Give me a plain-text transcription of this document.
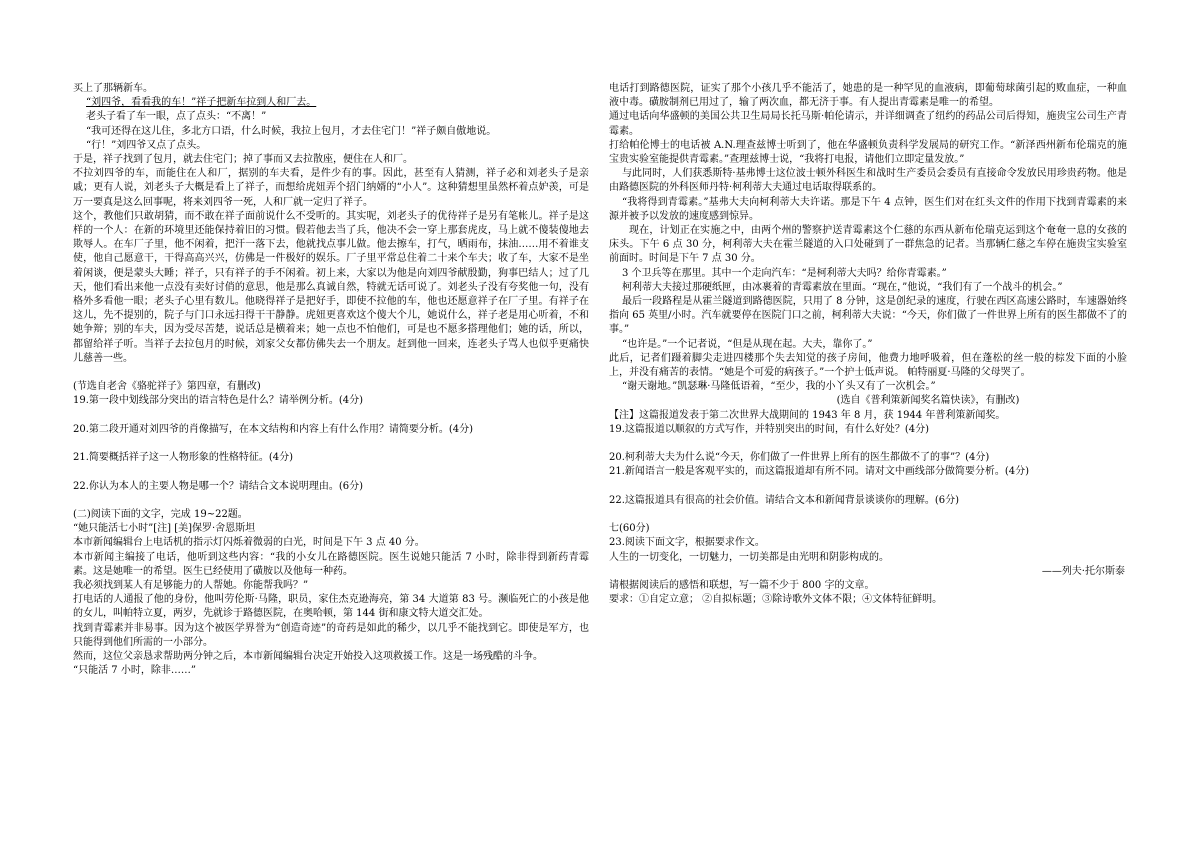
买上了那辆新车。

“刘四爷，看看我的车！”祥子把新车拉到人和厂去。

老头子看了车一眼，点了点头：“不离！”

“我可还得在这儿住，多北方口语，什么时候，我拉上包月，才去住宅门！”祥子颇自傲地说。

“行！”刘四爷又点了点头。

于是，祥子找到了包月，就去住宅门；掉了事而又去拉散座，便住在人和厂。

不拉刘四爷的车，而能住在人和厂，据别的车夫看，是件少有的事。因此，甚至有人猜测，祥子必和刘老头子是亲戚；更有人说，刘老头子大概是看上了祥子，而想给虎妞弄个招门纳婿的“小人”。这种猜想里虽然杯着点妒羡，可是万一要真是这么回事呢，将来刘四爷一死，人和厂就一定归了祥子。

这个，教他们只敢胡猜，而不敢在祥子面前说什么不受听的。其实呢，刘老头子的优待祥子是另有笔帐儿。祥子是这样的一个人：在新的环境里还能保持着旧的习惯。假若他去当了兵，他决不会一穿上那套虎皮，马上就不傻装傻地去欺辱人。在车厂子里，他不闲着，把汗一落下去，他就找点事儿做。他去擦车，打气，晒雨布，抹油……用不着谁支使，他自己愿意干，干得高高兴兴，仿佛是一件极好的娱乐。厂子里平常总住着二十来个车夫；收了车，大家不是坐着闲谈，便是蒙头大睡；祥子，只有祥子的手不闲着。初上来，大家以为他是向刘四爷献殷勤，狗事巴结人；过了几天，他们看出来他一点没有卖好讨俏的意思，他是那么真诚自然，特就无话可说了。刘老头子没有夸奖他一句，没有格外多看他一眼；老头子心里有数儿。他晓得祥子是把好手，即使不拉他的车，他也还愿意祥子在厂子里。有祥子在这儿，先不提别的，院子与门口永远扫得干干静静。虎妞更喜欢这个傻大个儿，她说什么，祥子老是用心听着，不和她争辩；别的车夫，因为受尽苦楚，说话总是横着来；她一点也不怕他们，可是也不愿多搭理他们；她的话，所以，都留给祥子听。当祥子去拉包月的时候，刘家父女都仿佛失去一个朋友。赶到他一回来，连老头子骂人也似乎更痛快儿慈善一些。

(节选自老舍《骆驼祥子》第四章，有删改)

19.第一段中划线部分突出的语言特色是什么？请举例分析。(4分)

20.第二段开通对刘四爷的肖像描写，在本文结构和内容上有什么作用？请简要分析。(4分)

21.简要概括祥子这一人物形象的性格特征。(4分)

22.你认为本人的主要人物是哪一个？请结合文本说明理由。(6分)

(二)阅读下面的文字，完成 19~22题。

“她只能活七小时”[注] [美]保罗·舍恩斯坦

本市新闻编辑台上电话机的指示灯闪烁着微弱的白光，时间是下午 3 点 40 分。

本市新闻主编接了电话，他听到这些内容：“我的小女儿在路德医院。医生说她只能活 7 小时，除非得到新药青霉素。这是她唯一的希望。医生已经使用了磺胺以及他每一种药。

我必须找到某人有足够能力的人帮她。你能帮我吗？”

打电话的人通报了他的身份，他叫劳伦斯·马隆，职员，家住杰克逊海亮，第 34 大道第 83 号。濒临死亡的小孩是他的女儿，叫帕特立夏，两岁，先就诊于路德医院，在奥哈顿，第 144 街和康文特大道交汇处。

找到青霉素并非易事。因为这个被医学界誉为“创造奇迹”的奇药是如此的稀少，以几乎不能找到它。即使是军方，也只能得到他们所需的一小部分。

然而，这位父亲恳求帮助两分钟之后，本市新闻编辑台决定开始投入这项救援工作。这是一场残酷的斗争。

“只能活 7 小时，除非……”

电话打到路德医院，证实了那个小孩几乎不能活了，她患的是一种罕见的血液病，即葡萄球菌引起的败血症，一种血液中毒。磺胺制剂已用过了，输了两次血，都无济于事。有人提出青霉素是唯一的希望。

通过电话向华盛顿的美国公共卫生局局长托马斯·帕伦请示，并详细调查了纽约的药品公司后得知，施贵宝公司生产青霉素。

打给帕伦博士的电话被 A.N.理查兹博士听到了，他在华盛顿负责科学发展局的研究工作。“新泽西州新布伦瑞克的施宝贵实验室能提供青霉素。”查理兹博士说，“我将打电报，请他们立即定量发放。”

与此同时，人们获悉斯特·基弗博士这位波士顿外科医生和战时生产委员会委员有直接命令发放民用珍贵药物。他是由路德医院的外科医师丹特·柯利蒂大夫通过电话取得联系的。

“我将得到青霉素。”基弗大夫向柯利蒂大夫许诺。那是下午 4 点钟，医生们对在红头文件的作用下找到青霉素的来源并被予以发放的速度感到惊异。

现在，计划正在实施之中，由两个州的警察护送青霉素这个仁慈的东西从新布伦瑞克运到这个奄奄一息的女孩的床头。下午 6 点 30 分，柯利蒂大夫在霍兰隧道的入口处碰到了一群焦急的记者。当那辆仁慈之车停在施贵宝实验室前面时。时间是下午 7 点 30 分。

3 个卫兵等在那里。其中一个走向汽车：“是柯利蒂大夫吗？给你青霉素。”

柯利蒂大夫接过那硬纸匣，由冰裹着的青霉素放在里面。“现在，”他说，“我们有了一个战斗的机会。”

最后一段路程是从霍兰隧道到路德医院，只用了 8 分钟，这是创纪录的速度，行驶在西区高速公路时，车速器始终指向 65 英里/小时。汽车就要停在医院门口之前，柯利蒂大夫说：“今天，你们做了一件世界上所有的医生都做不了的事。”

“也许是。”一个记者说，“但是从现在起。大夫，靠你了。”

此后，记者们蹑着脚尖走进四楼那个失去知觉的孩子房间，他费力地呼吸着，但在蓬松的丝一般的棕发下面的小脸上，并没有痛苦的表情。“她是个可爱的病孩子。”一个护士低声说。 帕特丽夏·马隆的父母哭了。

“谢天谢地。”凯瑟琳·马隆低语着，“至少，我的小丫头又有了一次机会。”

(选自《普利策新闻奖名篇快读》，有删改)

【注】这篇报道发表于第二次世界大战期间的 1943 年 8 月，获 1944 年普利策新闻奖。

19.这篇报道以顺叙的方式写作，并特别突出的时间，有什么好处？(4分)

20.柯利蒂大夫为什么说“今天，你们做了一件世界上所有的医生都做不了的事”？(4分)

21.新闻语言一般是客观平实的，而这篇报道却有所不同。请对文中画线部分做简要分析。(4分)

22.这篇报道具有很高的社会价值。请结合文本和新闻背景谈谈你的理解。(6分)

七(60分)

23.阅读下面文字，根据要求作文。

人生的一切变化，一切魅力，一切美都是由光明和阴影构成的。

——列夫·托尔斯泰

请根据阅读后的感悟和联想，写一篇不少于 800 字的文章。

要求：①自定立意； ②自拟标题；③除诗歌外文体不限；④文体特征鲜明。
